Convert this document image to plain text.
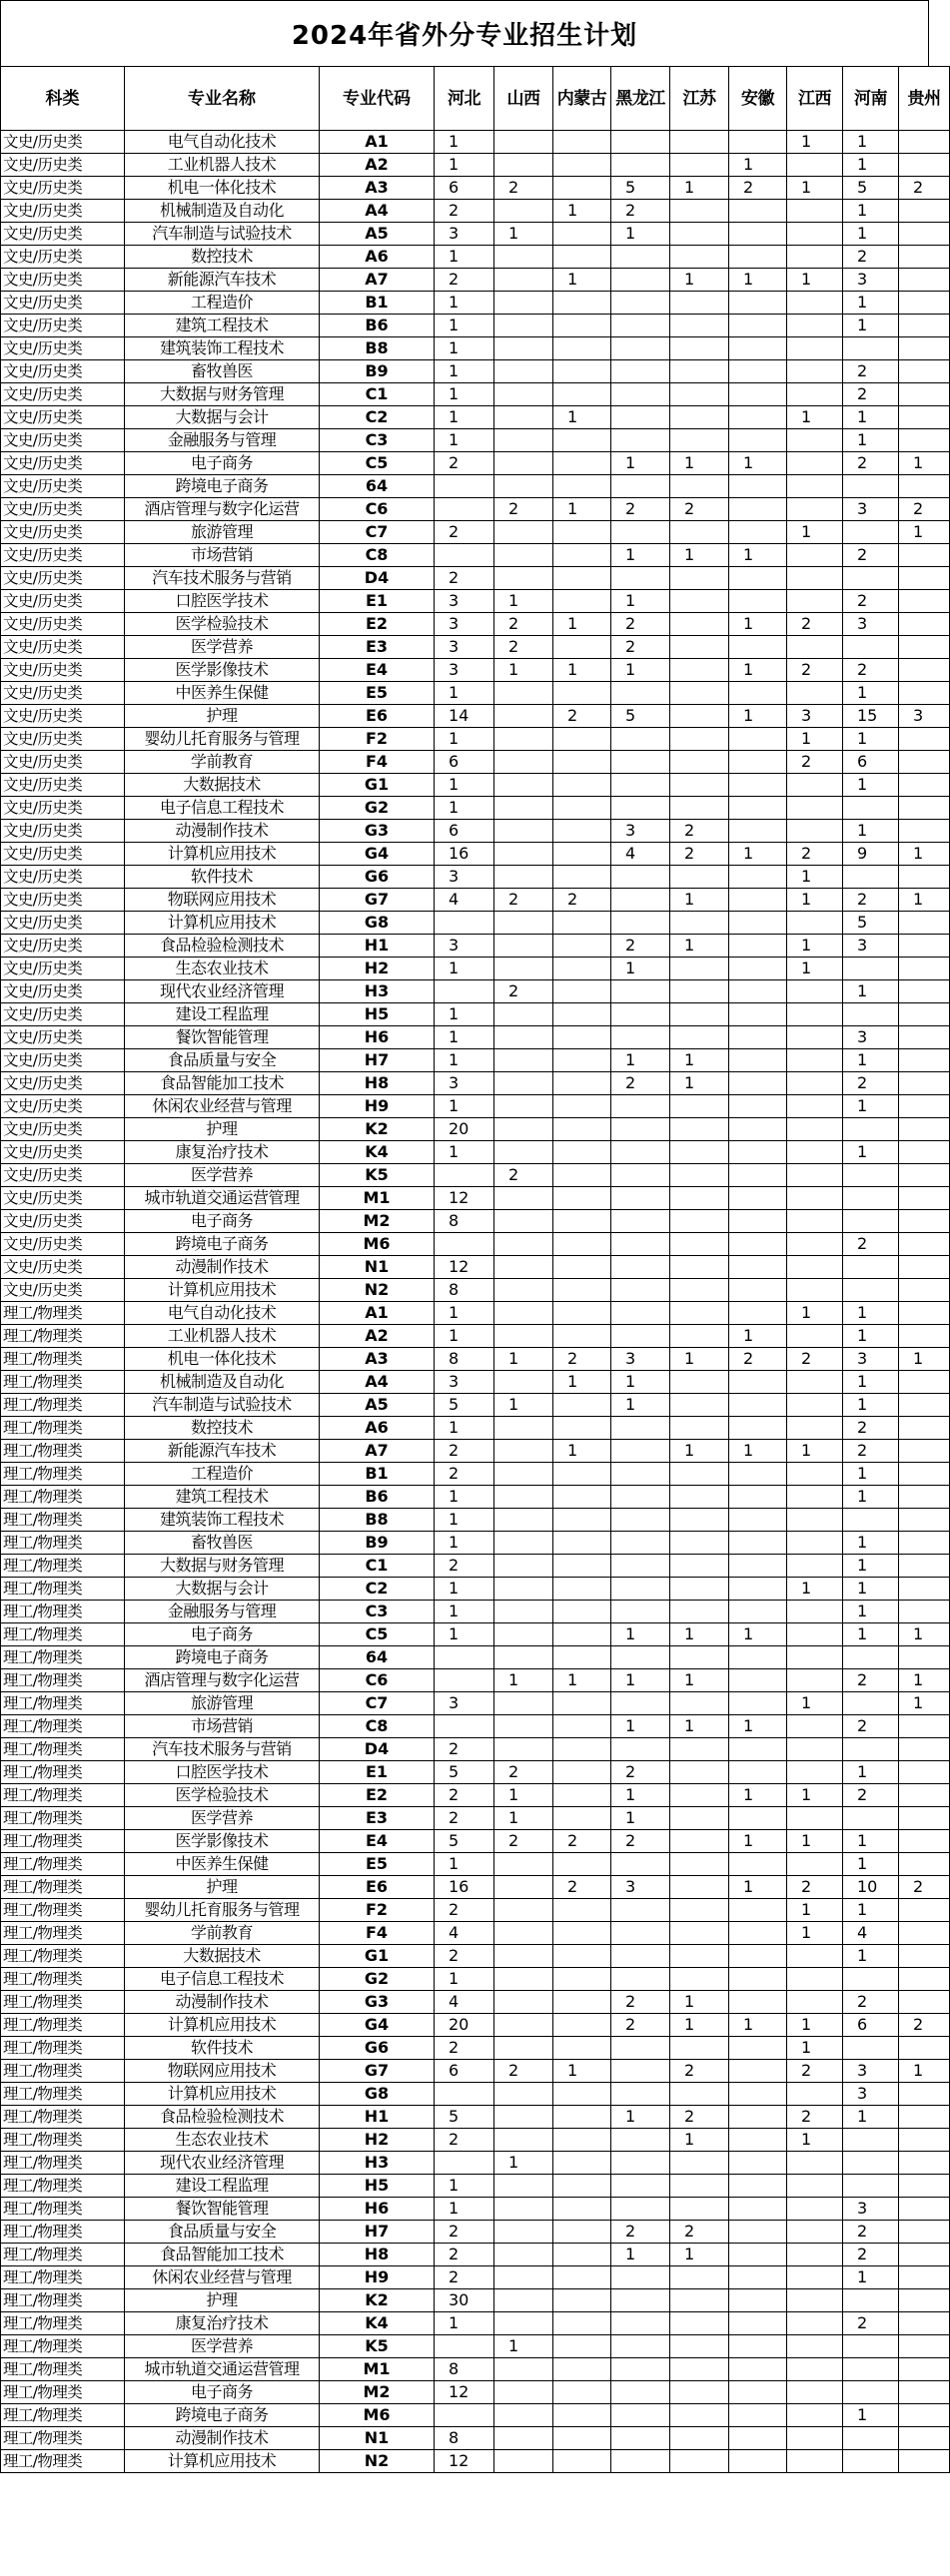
2024年省外分专业招生计划
科类	专业名称	专业代码	河北	山西	内蒙古	黑龙江	江苏	安徽	江西	河南	贵州
文史/历史类	电气自动化技术	A1	1						1	1	
文史/历史类	工业机器人技术	A2	1					1		1	
文史/历史类	机电一体化技术	A3	6	2		5	1	2	1	5	2
文史/历史类	机械制造及自动化	A4	2		1	2				1	
文史/历史类	汽车制造与试验技术	A5	3	1		1				1	
文史/历史类	数控技术	A6	1							2	
文史/历史类	新能源汽车技术	A7	2		1		1	1	1	3	
文史/历史类	工程造价	B1	1							1	
文史/历史类	建筑工程技术	B6	1							1	
文史/历史类	建筑装饰工程技术	B8	1								
文史/历史类	畜牧兽医	B9	1							2	
文史/历史类	大数据与财务管理	C1	1							2	
文史/历史类	大数据与会计	C2	1		1				1	1	
文史/历史类	金融服务与管理	C3	1							1	
文史/历史类	电子商务	C5	2			1	1	1		2	1
文史/历史类	跨境电子商务	64									
文史/历史类	酒店管理与数字化运营	C6		2	1	2	2			3	2
文史/历史类	旅游管理	C7	2						1		1
文史/历史类	市场营销	C8				1	1	1		2	
文史/历史类	汽车技术服务与营销	D4	2								
文史/历史类	口腔医学技术	E1	3	1		1				2	
文史/历史类	医学检验技术	E2	3	2	1	2		1	2	3	
文史/历史类	医学营养	E3	3	2		2					
文史/历史类	医学影像技术	E4	3	1	1	1		1	2	2	
文史/历史类	中医养生保健	E5	1							1	
文史/历史类	护理	E6	14		2	5		1	3	15	3
文史/历史类	婴幼儿托育服务与管理	F2	1						1	1	
文史/历史类	学前教育	F4	6						2	6	
文史/历史类	大数据技术	G1	1							1	
文史/历史类	电子信息工程技术	G2	1								
文史/历史类	动漫制作技术	G3	6			3	2			1	
文史/历史类	计算机应用技术	G4	16			4	2	1	2	9	1
文史/历史类	软件技术	G6	3						1		
文史/历史类	物联网应用技术	G7	4	2	2		1		1	2	1
文史/历史类	计算机应用技术	G8								5	
文史/历史类	食品检验检测技术	H1	3			2	1		1	3	
文史/历史类	生态农业技术	H2	1			1			1		
文史/历史类	现代农业经济管理	H3		2						1	
文史/历史类	建设工程监理	H5	1								
文史/历史类	餐饮智能管理	H6	1							3	
文史/历史类	食品质量与安全	H7	1			1	1			1	
文史/历史类	食品智能加工技术	H8	3			2	1			2	
文史/历史类	休闲农业经营与管理	H9	1							1	
文史/历史类	护理	K2	20								
文史/历史类	康复治疗技术	K4	1							1	
文史/历史类	医学营养	K5		2							
文史/历史类	城市轨道交通运营管理	M1	12								
文史/历史类	电子商务	M2	8								
文史/历史类	跨境电子商务	M6								2	
文史/历史类	动漫制作技术	N1	12								
文史/历史类	计算机应用技术	N2	8								
理工/物理类	电气自动化技术	A1	1						1	1	
理工/物理类	工业机器人技术	A2	1					1		1	
理工/物理类	机电一体化技术	A3	8	1	2	3	1	2	2	3	1
理工/物理类	机械制造及自动化	A4	3		1	1				1	
理工/物理类	汽车制造与试验技术	A5	5	1		1				1	
理工/物理类	数控技术	A6	1							2	
理工/物理类	新能源汽车技术	A7	2		1		1	1	1	2	
理工/物理类	工程造价	B1	2							1	
理工/物理类	建筑工程技术	B6	1							1	
理工/物理类	建筑装饰工程技术	B8	1								
理工/物理类	畜牧兽医	B9	1							1	
理工/物理类	大数据与财务管理	C1	2							1	
理工/物理类	大数据与会计	C2	1						1	1	
理工/物理类	金融服务与管理	C3	1							1	
理工/物理类	电子商务	C5	1			1	1	1		1	1
理工/物理类	跨境电子商务	64									
理工/物理类	酒店管理与数字化运营	C6		1	1	1	1			2	1
理工/物理类	旅游管理	C7	3						1		1
理工/物理类	市场营销	C8				1	1	1		2	
理工/物理类	汽车技术服务与营销	D4	2								
理工/物理类	口腔医学技术	E1	5	2		2				1	
理工/物理类	医学检验技术	E2	2	1		1		1	1	2	
理工/物理类	医学营养	E3	2	1		1					
理工/物理类	医学影像技术	E4	5	2	2	2		1	1	1	
理工/物理类	中医养生保健	E5	1							1	
理工/物理类	护理	E6	16		2	3		1	2	10	2
理工/物理类	婴幼儿托育服务与管理	F2	2						1	1	
理工/物理类	学前教育	F4	4						1	4	
理工/物理类	大数据技术	G1	2							1	
理工/物理类	电子信息工程技术	G2	1								
理工/物理类	动漫制作技术	G3	4			2	1			2	
理工/物理类	计算机应用技术	G4	20			2	1	1	1	6	2
理工/物理类	软件技术	G6	2						1		
理工/物理类	物联网应用技术	G7	6	2	1		2		2	3	1
理工/物理类	计算机应用技术	G8								3	
理工/物理类	食品检验检测技术	H1	5			1	2		2	1	
理工/物理类	生态农业技术	H2	2				1		1		
理工/物理类	现代农业经济管理	H3		1							
理工/物理类	建设工程监理	H5	1								
理工/物理类	餐饮智能管理	H6	1							3	
理工/物理类	食品质量与安全	H7	2			2	2			2	
理工/物理类	食品智能加工技术	H8	2			1	1			2	
理工/物理类	休闲农业经营与管理	H9	2							1	
理工/物理类	护理	K2	30								
理工/物理类	康复治疗技术	K4	1							2	
理工/物理类	医学营养	K5		1							
理工/物理类	城市轨道交通运营管理	M1	8								
理工/物理类	电子商务	M2	12								
理工/物理类	跨境电子商务	M6								1	
理工/物理类	动漫制作技术	N1	8								
理工/物理类	计算机应用技术	N2	12								
